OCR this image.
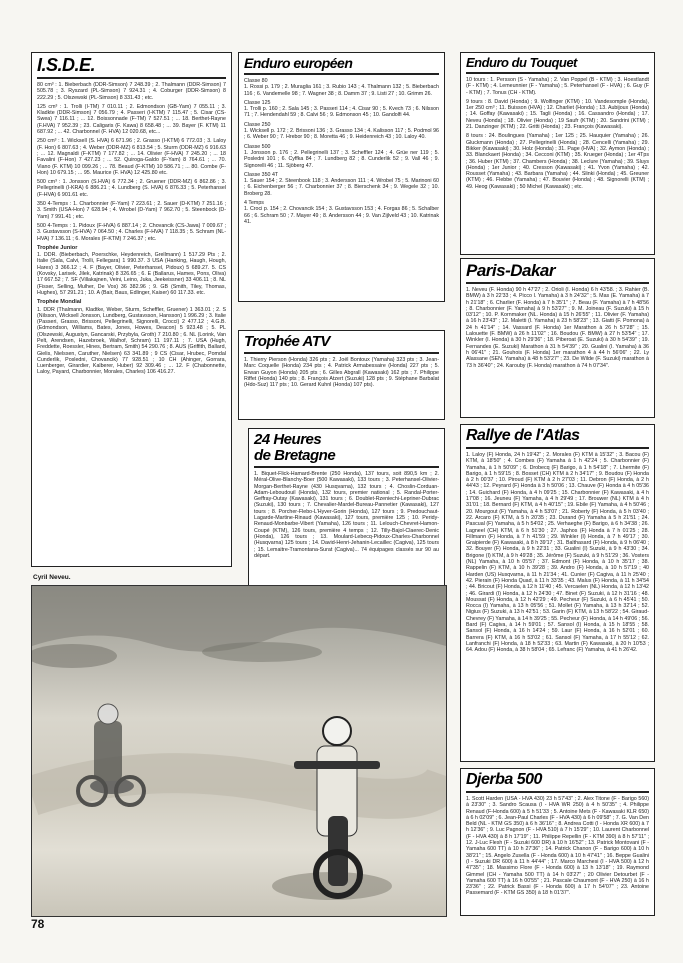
I.S.D.E.

80 cm³ : 1. Bieberbach (DDR-Simson) 7 248.39 ; 2. Thalmann (DDR-Simson) 7 505.78 ; 3. Ryszard (PL-Simson) 7 924.31 ; 4. Coburger (DDR-Simson) 8 222.29 ; 5. Olszewski (PL-Simson) 8 331.43 ; etc.

125 cm³ : 1. Trolli (I-TM) 7 010.11 ; 2. Edmondson (GB-Yam) 7 055.11 ; 3. Kladkte (DDR-Simson) 7 056.79 ; 4. Passeri (I-KTM) 7 115.47 ; 5. Cisar (CS-Swea) 7 116.11 ; ... 12. Boissonnade (F-TM) 7 527.51 ; ... 18. Berthet-Rayne (F.HVA) 7 952.39 ; 23. Caligaris (F. Kawa) 8 658.48 ; ... 39. Bayer (F. KTM) 11 687.92 ; ... 42. Charbonnel (F. HVA) 12 020.68, etc...

250 cm³ : 1. Wicksell (S. HVA) 6 671.96 ; 2. Grasso (I-KTM) 6 772.03 ; 3. Laloy (F. Hon) 6 807.63 ; 4. Weber (DDR-MZ) 6 813.54 ; 5. Sturm (DDR-MZ) 6 916.63 ; ... 12. Magnaldi (F-KTM) 7 177.82 ; ... 14. Olivier (F-HVA) 7 245.20 ; ... 18 Favalini (F-Hon) 7 427.23 ; ... 52. Quiroga-Galdo (F-Yam) 8 764.61 ; ... 70. Viano (F. KTM) 10 099.26 ; ... 78. Beaud (F-KTM) 10 586.71 ; ... 80. Combe (F-Hon) 10 679.15 ; ... 95. Maurice (F. HVA) 12 425.80 etc.

500 cm³ : 1. Jonsson (S.HVA) 6 772.34 ; 2. Gruener (DDR-MZ) 6 862.86 ; 3. Pellegrinelli (I-KRA) 6 886.21 ; 4. Lundberg (S. HVA) 6 876.33 ; 5. Peterhansel (F-HVA) 6 901.61 etc.

350 4-Temps : 1. Charbonnier (F-Yam) 7 223.61 ; 2. Sauer (D-KTM) 7 251.16 ; 3. Smith (USA-Hon) 7 628.94 ; 4. Wrobel (D-Yam) 7 962.70 ; 5. Steenbock (D-Yam) 7 991.41 ; etc.

500 4-Temps : 1. Pidoux (F-HVA) 6 887.14 ; 2. Chovancik (CS-Jawa) 7 009.67 ; 3. Gustavsson (S-HVA) 7 064.50 ; 4. Charles (F-HVA) 7 118.35 ; 5. Schram (NL-HVA) 7 136.11 ; 6. Morales (F-KTM) 7 246.37 ; etc.

Trophée Junior

1. DDR. (Bieberbach, Poerschke, Heydenreich, Grellmann) 1 517.29 Pts ; 2. Italie (Sala, Calvi, Trolli, Fellegara) 1 990.37. 3 USA (Hanking, Haugh, Hough, Hares) 3 366.12 ; 4. F (Bayer, Olivier, Peterhansel, Pidoux) 5 689.27. 5. CS (Kovsky, Larisek, Jilek, Katrinak) 8 326.65 ; 6. E (Ballarus, Hames, Pons, Oliva) 17 667.52 ; 7. SF (Villakajnen, Veini, Leino, Juka, Jeekeissner) 33 406.11 ; 8. NL (Fisser, Selling, Mulher, De Vos) 36 382.96 ; 9. GB (Smith, Tiley, Thomas, Hughes), 57 291.21 ; 10. A (Bair, Baus, Edlinger, Kaiser) 60 117.33. etc.

Trophée Mondial

1. DDR (Thalmann, Kladtke, Weber, Sturm, Scheffler, Gruener) 1 363.01 ; 2. S (Nilsson, Wicksell Jonsson, Lundberg, Gustavsson, Hansson) 1 996.29 ; 3. Italie (Passeri, Grasso, Brissoni, Pellegrinelli, Signorelli, Crocci) 2 477.12 ; 4.G.B. (Edmondson, Williams, Bates, Jones, Howes, Deacon) 5 923.48 ; 5. PL (Olszewski, Augustyn, Gancarski, Przybyla, Groth) 7 210.80 ; 6. NL (Lorink, Van Pelt, Arendsen, Hazebroek, Walhof, Schram) 11 197.11 ; 7. USA (Hugh, Freddette, Roessler, Hines, Bertram, Smith) 54 290.76 ; 8. AUS (Griffith, Ballard, Gielis, Nielssen, Caruther, Nielsen) 63 341.89 ; 9 CS (Cisar, Hrubec, Pomdal Cunderlik, Posledni, Chovancik) 77 928.51 ; 10 CH (Ahinger, Gorrara, Luenberger, Girardier, Kalberer, Huber) 92 309.46 ; ... 12. F (Chabonnette, Laloy, Payard, Charbonnier, Morales, Charles) 106 416.27.

Enduro européen
Classe 80

1. Rossi p. 179 ; 2. Muraglia 161 ; 3. Rubio 143 ; 4. Thalmann 132 ; 5. Bieberbach 116 ; 6. Vandemelle 98 ; 7. Wagner 38 ; 8. Damm 37 ; 9. Listi 27 ; 10. Grimm 26.

Classe 125

1. Trolli p. 160 ; 2. Sala 145 ; 3. Passeri 114 ; 4. Cisar 90 ; 5. Kvech 73 ; 6. Nilsson 71 ; 7. Hendendahl 59 ; 8. Calvi 56 ; 9. Edmonson 45 ; 10. Gandolfi 44.

Classe 250

1. Wicksell p. 172 ; 2. Brissoni 136 ; 3. Grasso 134 ; 4. Kalisson 117 ; 5. Podmol 96 ; 6. Weber 90 ; 7. Hrebor 90 ; 8. Moretta 46 ; 9. Heidenreich 43 ; 10. Laloy 40.

Classe 500

1. Jonsson p. 176 ; 2. Pellegrinelli 137 ; 3. Scheffler 124 ; 4. Grüe ner 119 ; 5. Posledni 101 ; 6. Cyffka 84 ; 7. Lundberg 82 ; 8. Cunderlik 52 ; 9. Vall 46 ; 9. Signorelli 46 ; 11. Sjöberg 47.

Classe 350 4T

1. Sauer 154 ; 2. Steenbook 118 ; 3. Andersson 111 ; 4. Wrobel 75 ; 5. Marinoni 60 ; 6. Eichenberger 56 ; 7. Charbonnier 37 ; 8. Bierschenk 34 ; 9. Wegele 32 ; 10. Broberg 28.

4 Temps

1. Croci p. 154 ; 2. Chovancik 154 ; 3. Gustavsson 153 ; 4. Forgas 86 ; 5. Schalber 66 ; 6. Schram 50 ; 7. Mayer 49 ; 8. Andersson 44 ; 9. Van Zijlveld 43 ; 10. Katrinak 41.

Trophée ATV

1. Thierry Pierson (Honda) 326 pts ; 2. Joël Bontoux (Yamaha) 323 pts ; 3. Jean-Marc Coquelle (Honda) 234 pts ; 4. Patrick Armabessaire (Honda) 227 pts ; 5. Erwan Guyon (Honda) 205 pts ; 6. Gilles Abgrall (Kawasaki) 162 pts ; 7. Philippe Riffet (Honda) 140 pts ; 8. François Atzert (Suzuki) 128 pts ; 9. Stéphane Barbalat (Hdo-Suz) 117 pts ; 10. Gerard Kuhnl (Honda) 107 pts).

24 Heures
de Bretagne

1. Biquet-Flick-Hamard-Brente (250 Honda), 137 tours, soit 890,5 km ; 2. Méral-Olive-Blanchy-Boer (500 Kawasaki), 133 tours ; 3. Peterhansel-Olivier-Morgan-Berthet-Rayne (430 Husqvarna), 132 tours ; 4. Choslin-Corduan-Adam-Leboudouil (Honda), 132 tours, premier national ; 5. Randal-Porter-Geffray-Outay (Kawasaki), 131 tours ; 6. Doublet-Rzeniechi-Lepriner-Dubrac (Suzuki), 130 tours ; 7. Chevalier-Mardel-Bureau-Pannetier (Kawasaki), 127 tours ; 8. Porcher-Flebo-L'Hyver-Gorin (Honda), 127 tours ; 9. Predouchaut-Lagarde-Martine-Rinaud (Kawasaki), 127 tours, première 125 ; 10. Peridy-Renaud-Monbarbe-Vibert (Yamaha), 126 tours ; 11. Lelouch-Chevret-Hamon-Coupé (KTM), 126 tours, première 4 temps ; 12. Tilly-Bajol-Claerec-Denic (Honda), 126 tours ; 13. Moulard-Lebecq-Pidoux-Charles-Charbonnel (Husqvarna) 125 tours ; 14. David-Henri-Jehanin-Lecaillec (Cagiva), 125 tours ; 15. Lemaitre-Tramontana-Surat (Cagiva)... 74 équipages classés sur 90 au départ.

Cyril Neveu.
78
Enduro du Touquet

10 tours : 1. Persson (S - Yamaha) ; 2. Van Poppel (B - KTM) ; 3. Hoestlandt (F - KTM) ; 4. Lemeunnier (F - Yamaha) ; 5. Peterhansel (F - HVA) ; 6. Guy (F - KTM) ; 7. Tonus (CH - KTM).

9 tours : 8. David (Honda) ; 9. Wolfinger (KTM) ; 10. Vandesomple (Honda), 1er 250 cm³ ; 11. Buisson (HVA) ; 12. Charliet (Honda) ; 13. Aubijoux (Honda) ; 14. Goffay (Kawasaki) ; 15. Tagli (Honda) ; 16. Cassandro (Honda) ; 17. Neveu (Honda) ; 18. Olivier (Honda) ; 19 Saufr (KTM) ; 20. Sandrini (KTM) ; 21. Danzinger (KTM) ; 22. Gritti (Honda) ; 23. François (Kawasaki).

8 tours : 24. Boulingues (Yamaha) ; 1er 125 ; 25. Hauquier (Yamaha) ; 26. Gluckmann (Honda) ; 27. Pellegrinelli (Honda) ; 28. Cencelli (Yamaha) ; 29. Bikker (Kawasaki) ; 30. Holz (Honda) ; 31. Page (HVA) ; 32. Aymon (Honda) ; 33. Blanckaert (Honda) ; 34. Cecconi (KTM) ; 35. Krueger (Honda) ; 1er 4Tps ; 36. Huber (KTM) ; 37. Chambers (Honda) ; 38. Leclure (Yamaha) ; 39. Sluys (Honda) ; 1er Junior ; 40. Cresson (Kawasaki) ; 41. Yvon (Yamaha) ; 42. Rousset (Yamaha) ; 43. Barbara (Yamaha) ; 44. Slinki (Honda) ; 45. Greuner (KTM) ; 46. Flebbe (Yamaha) ; 47. Bouvier (Honda) ; 48. Signorelli (KTM) ; 49. Heog (Kawasaki) ; 50 Michel (Kawasaki) ; etc.

Paris-Dakar

1. Neveu (F. Honda) 90 h 47'27 ; 2. Orioli (I. Honda) 6 h 43'58. ; 3. Rahier (B. BMW) à 3 h 22'33 ; 4. Picco I. Yamaha) à 3 h 24'32" ; 5. Mas (E. Yamaha) à 7 h 21'18" ; 6. Charlier (F. Honda) à 7 h 35'1" ; 7. Beau (F. Yamaha) à 7 h 48'56 ; 8. Charbonnier (F. Yamaha) à 9 h 53'27" ; 9. M. Joineau (F. Suzuki) à 15 h 03'12" ; 10. P. Kornmaker (NL. Honda) à 15 h 26'55" ; 11. Olivier (F. Yamaha) à 16 h 23'43" ; 12. Maletti (I. Yamaha) à 23 h 58'23" ; 13. Giatti (F. Pomona) à 24 h 41'14" ; 14. Vassard (F. Honda) 1er Marathon à 26 h 57'28" ; 15. Lalouette (F. BMW) à 26 h 11'02" ; 16. Boudou (F. BMW) à 27 h 53'54" ; 17. Winkler (I. Honda) à 30 h 29'36" ; 18. Piberoat (E. Suzuki) à 30 h 54'39" ; 19. Fernandes (E. Suzuki) Marathon à 31 h 54'39" ; 20. Gualini (I. Yamaha) à 36 h 06'41" ; 21. Gouhois (F. Honda) 1er marathon 4 à 44 h 56'06" ; 22. Ly Alassane (SEN. Yamaha) à 48 h 53'27" ; 23. De Wilde (F. Suzuki) marathon à 73 h 36'40" ; 24. Karouby (F. Honda) marathon à 74 h 07'34".

Rallye de l'Atlas

1. Laloy (F) Honda, 24 h 19'42" ; 2. Morales (F) KTM à 15'32" ; 3. Bacou (F) KTM, à 18'50" ; 4. Combes (F) Yamaha à 1 h 42'24 ; 5. Charbonnier (F) Yamaha, à 1 h 50'09" ; 6. Drobecq (F) Barigo, à 1 h 54'18" ; 7. Lhermite (F) Barigo, à 1 h 59'15 ; 8. Bosset (CH) KTM à 2 h 34'17" ; 9. Boudou (F) Honda à 2 h 00'37 ; 10. Piroud (F) KTM à 2 h 27'03 ; 11. Debron (F) Honda, à 2 h 44'43 ; 12. Peyrard (F) Honda à 3 h 50'06 ; 13. Chauve (F) Honda à 4 h 05'36 ; 14. Guichard (F) Honda, à 4 h 09'25 ; 15. Charbonnier (F) Kawasaki, à 4 h 17'08 ; 16. Jeuneu (F) Yamaha, à 4 h 29'49 ; 17. Brouwer (NL) KTM à 4 h 31'01 ; 18. Bernard (F) KTM, à 4 h 40'15" ; 19. Ebile (F) Yamaha, à 4 h 50'46 ; 20. Mourgout (F) Yamaha, à 4 h 53'07 ; 21. Roberty (F) Honda, à 5 h 03'40 ; 22. Arcaro (F) KTM, à 5 h 20'35 ; 23. Durand (F) Yamaha à 5 h 21'51 ; 24. Pascual (F) Yamaha, à 5 h 54'02 ; 25. Verhaeghe (F) Barigo, à 6 h 34'38 ; 26. Lagneel (CH) KTM, à 6 h 51'30 ; 27. Japhos (F) Honda à 7 h 01'25 ; 28. Fillmann (F) Honda, à 7 h 41'59 ; 29. Winkler (I) Honda, à 7 h 49'17 ; 30. Graipierde (F) Kawasaki, à 8 h 39'17 ; 31. Balthasard (F) Honda, à 9 h 06'40 ; 32. Bouyer (F) Honda, à 9 h 22'31 ; 33. Gualini (I) Suzuki, à 9 h 43'30 ; 34. Brigone (I) KTM, à 9 h 49'28 ; 35. Jérôme (F) Suzuki, à 9 h 51'29 ; 36. Vosters (NL) Yamaha, à 10 h 05'57 ; 37. Edmont (F) Honda, à 10 h 35'17 ; 38. Rappelin (F) KTM, à 10 h 39'28 ; 39. Andro (F) Honda, à 10 h 57'19 ; 40 Harden (US) Husqvarna, à 11 h 21'34 ; 41. Cunier (F) Cagiva, à 11 h 25'40 ; 42. Pierain (F) Honda Quad, à 11 h 33'35 ; 43. Malus (F) Honda, à 11 h 34'54 ; 44. Bricout (F) Honda, à 12 h 11'40 ; 45. Vercaelen (NL) Honda, à 12 h 13'42 ; 46. Girardi (I) Honda, à 12 h 24'30 ; 47. Binet (F) Suzuki, à 12 h 31'16 ; 48. Moussat (F) Honda, à 12 h 42'29 ; 49. Pecheur (F) Suzuki, à 6 h 45'41 ; 50. Rocca (I) Yamaha, à 13 h 05'56 ; 51. Mollet (F) Yamaha, à 13 h 32'14 ; 52. Nigius (F) Suzuki, à 13 h 42'51 ; 53. Garin (F) KTM, à 13 h 58'22 ; 54. Giraud-Chevrey (F) Yamaha, à 14 h 39'25 ; 55. Pecheur (F) Honda, à 14 h 49'06 ; 56. Bard (F) Cagiva, à 14 h 59'01 ; 57. Sansol (I) Honda, à 15 h 18'55 ; 58. Sansol (F) Honda, à 16 h 14'24 ; 59. Laur (F) Honda, à 16 h 52'01 ; 60. Barrera (F) KTM, à 16 h 53'02 ; 61. Sansol (F) Yamaha, à 17 h 55'12 ; 62. Lanfranchi (F) Honda, à 18 h 52'33 ; 63. Martin (F) Kawasaki, à 20 h 10'53 ; 64. Adou (F) Honda, à 38 h 58'04 ; 65. Lefranc (F) Yamaha, à 41 h 26'42.

Djerba 500

1. Scott Harden (USA - HVA 430) 23 h 57'43" ; 2. Alex Titone (F - Barigo 560) à 23'30" ; 3. Sandro Scausa (I - HVA WR 250) à 4 h 50'35" ; 4. Philippe Renaud (F-Honda 600) à 5 h 51'33 ; 5. Antoine Mets (F - Kawasaki KLR 650) à 6 h 02'09" ; 6. Jean-Paul Charles (F - HVA 430) à 6 h 09'58" ; 7. G. Van Den Beld (NL - KTM GS 350) à 6 h 36'16" ; 8. Andrea Cotti (I - Honda XR 600) à 7 h 12'36" ; 9. Luc Pagnon (F - HVA 510) à 7 h 15'29" ; 10. Laurent Charbonnel (F - HVA 430) à 8 h 17'19" ; 11. Philippe Repellin (F - KTM 390) à 8 h 57'11" ; 12. J-Luc Flesh (F - Suzuki 600 DR) à 10 h 16'52" ; 13. Patrick Montovani (F - Yamaha 600 TT) à 10 h 27'36" ; 14. Patrick Chanon (F - Barigo 600) à 10 h 38'21" ; 15. Angelo Zusella (F - Honda 600) à 10 h 47'41" ; 16. Beppe Gualini (I - Suzuki DR 600) à 11 h 44'44" ; 17. Marco Marchesi (I - HVA 500) à 12 h 47'35" ; 18. Massimo Flore (F - Honda 600) à 13 h 13'18" ; 19. Raymond Gimmel (CH - Yamaha 500 TT) à 14 h 03'27" ; 20 Olivier Detourbet (F - Yamaha 600 TT) à 16 h 00'55" ; 21. Pascale Chaumont (F - HVA 250) à 16 h 23'36" ; 22. Patrick Bassi (F - Honda 600) à 17 h 54'07" ; 23. Antoine Passemard (F - KTM GS 350) à 18 h 01'37".
